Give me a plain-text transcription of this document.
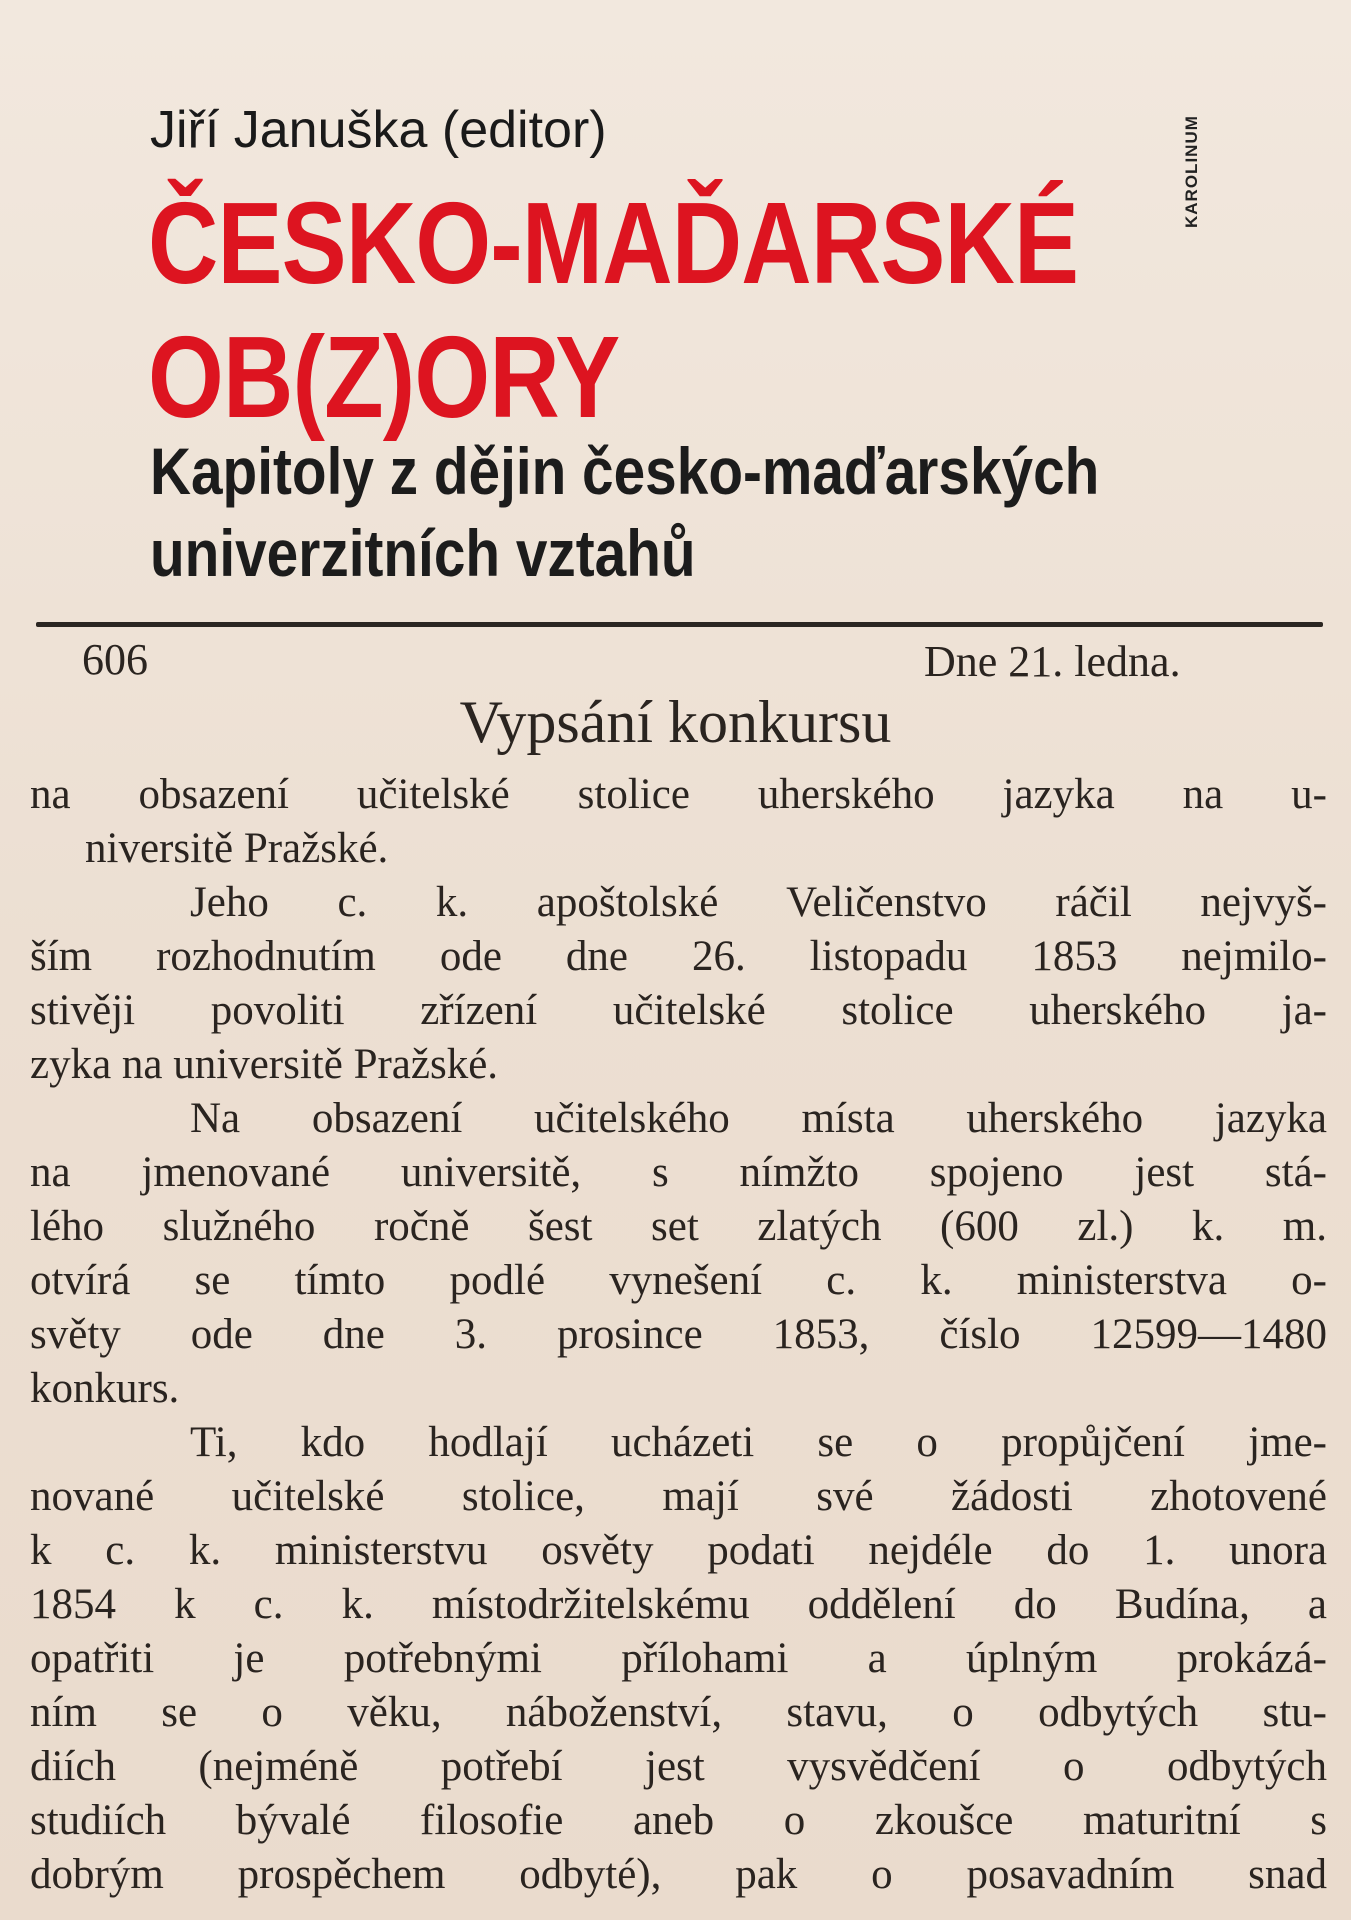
Jiří Januška (editor)
ČESKO-MAĎARSKÉ
OB(Z)ORY
Kapitoly z dějin česko-maďarských
univerzitních vztahů
KAROLINUM
606	Dne 21. ledna.
Vypsání konkursu
na obsazení učitelské stolice uherského jazyka na u-
niversitě Pražské.
Jeho c. k. apoštolské Veličenstvo ráčil nejvyš-
ším rozhodnutím ode dne 26. listopadu 1853 nejmilo-
stivěji povoliti zřízení učitelské stolice uherského ja-
zyka na universitě Pražské.
Na obsazení učitelského místa uherského jazyka
na jmenované universitě, s nímžto spojeno jest stá-
lého služného ročně šest set zlatých (600 zl.) k. m.
otvírá se tímto podlé vynešení c. k. ministerstva o-
světy ode dne 3. prosince 1853, číslo 12599—1480
konkurs.
Ti, kdo hodlají ucházeti se o propůjčení jme-
nované učitelské stolice, mají své žádosti zhotovené
k c. k. ministerstvu osvěty podati nejdéle do 1. unora
1854 k c. k. místodržitelskému oddělení do Budína, a
opatřiti je potřebnými přílohami a úplným prokázá-
ním se o věku, náboženství, stavu, o odbytých stu-
diích (nejméně potřebí jest vysvědčení o odbytých
studiích bývalé filosofie aneb o zkoušce maturitní s
dobrým prospěchem odbyté), pak o posavadním snad
